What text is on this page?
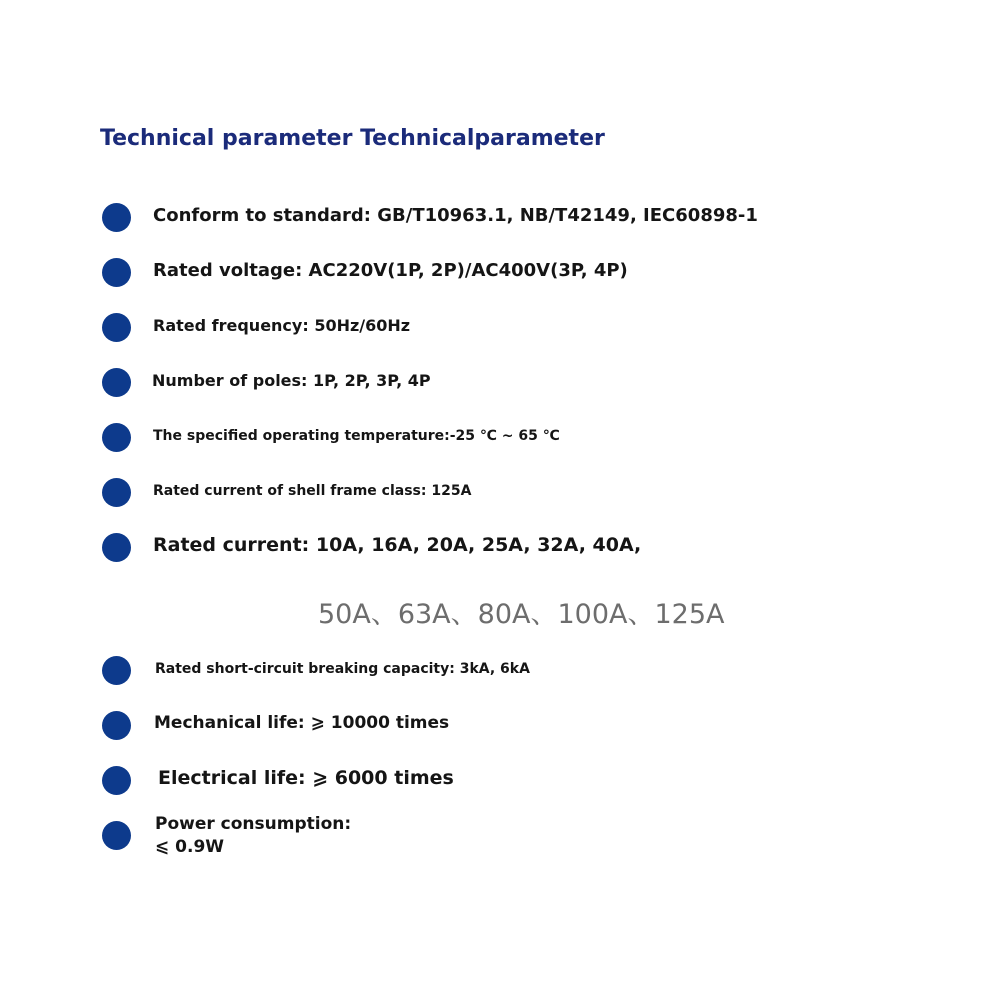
Technical parameter Technicalparameter
Conform to standard: GB/T10963.1, NB/T42149, IEC60898-1
Rated voltage: AC220V(1P, 2P)/AC400V(3P, 4P)
Rated frequency: 50Hz/60Hz
Number of poles: 1P, 2P, 3P, 4P
The specified operating temperature:-25 ℃ ~ 65 ℃
Rated current of shell frame class: 125A
Rated current: 10A, 16A, 20A, 25A, 32A, 40A,
50A、63A、80A、100A、125A
Rated short-circuit breaking capacity: 3kA, 6kA
Mechanical life: ⩾ 10000 times
Electrical life: ⩾ 6000 times
Power consumption:
⩽ 0.9W
